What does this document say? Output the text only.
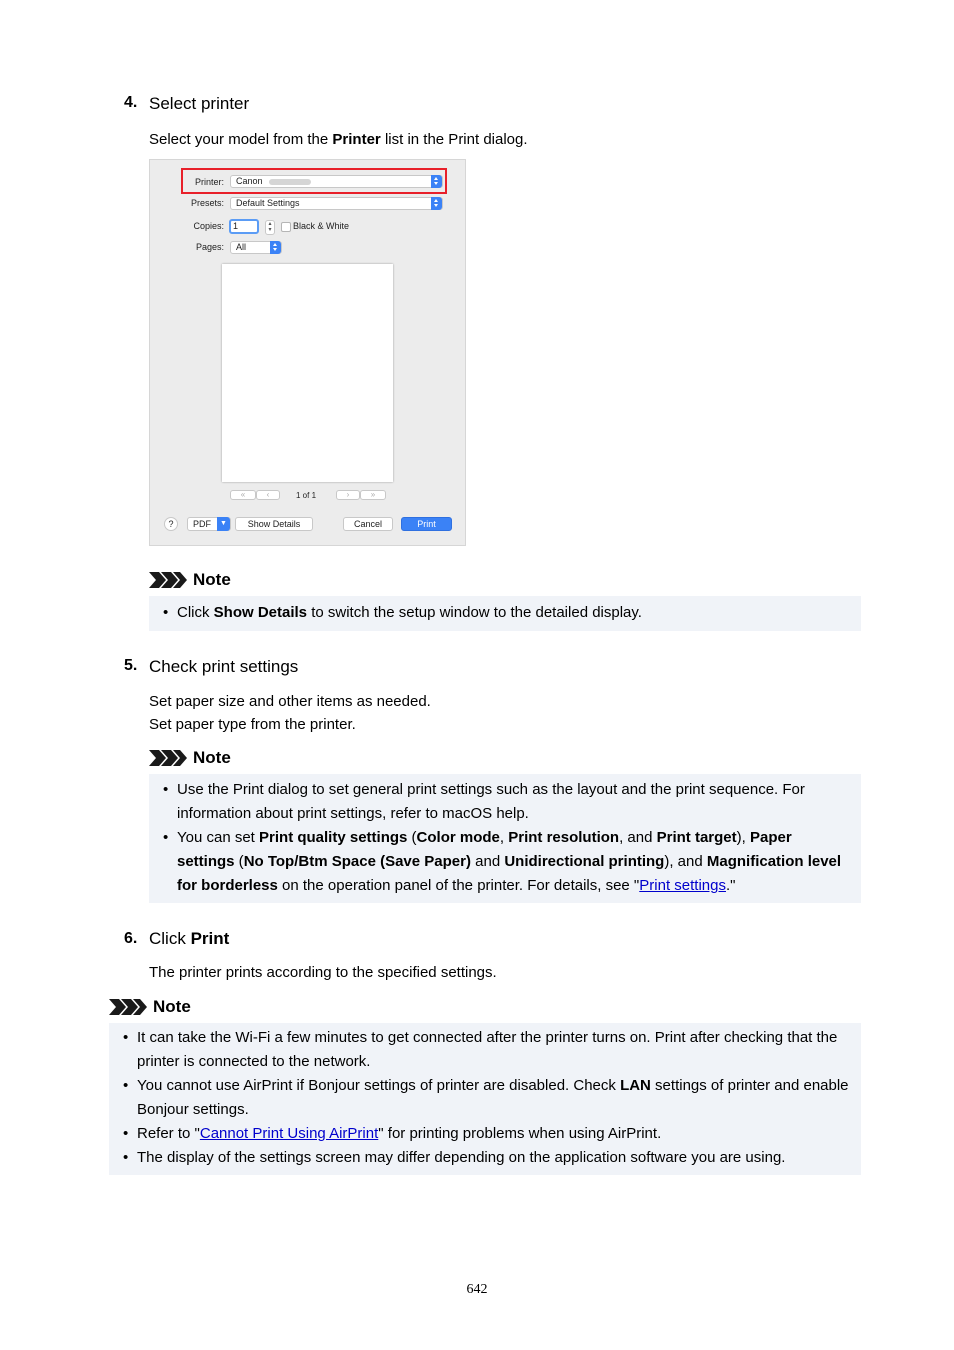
4. Select printer
Select your model from the Printer list in the Print dialog.
Printer:	Canon
Presets:	Default Settings
Copies:	1	▴
▾	Black & White
Pages:	All
«	‹	1 of 1	›	»
?	PDF	▼	Show Details	Cancel	Print
Note
• Click Show Details to switch the setup window to the detailed display.
5. Check print settings
Set paper size and other items as needed.
Set paper type from the printer.
Note
• Use the Print dialog to set general print settings such as the layout and the print sequence. For information about print settings, refer to macOS help.
• You can set Print quality settings (Color mode, Print resolution, and Print target), Paper settings (No Top/Btm Space (Save Paper) and Unidirectional printing), and Magnification level for borderless on the operation panel of the printer. For details, see "Print settings."
6. Click Print
The printer prints according to the specified settings.
Note
• It can take the Wi-Fi a few minutes to get connected after the printer turns on. Print after checking that the printer is connected to the network.
• You cannot use AirPrint if Bonjour settings of printer are disabled. Check LAN settings of printer and enable Bonjour settings.
• Refer to "Cannot Print Using AirPrint" for printing problems when using AirPrint.
• The display of the settings screen may differ depending on the application software you are using.
642
